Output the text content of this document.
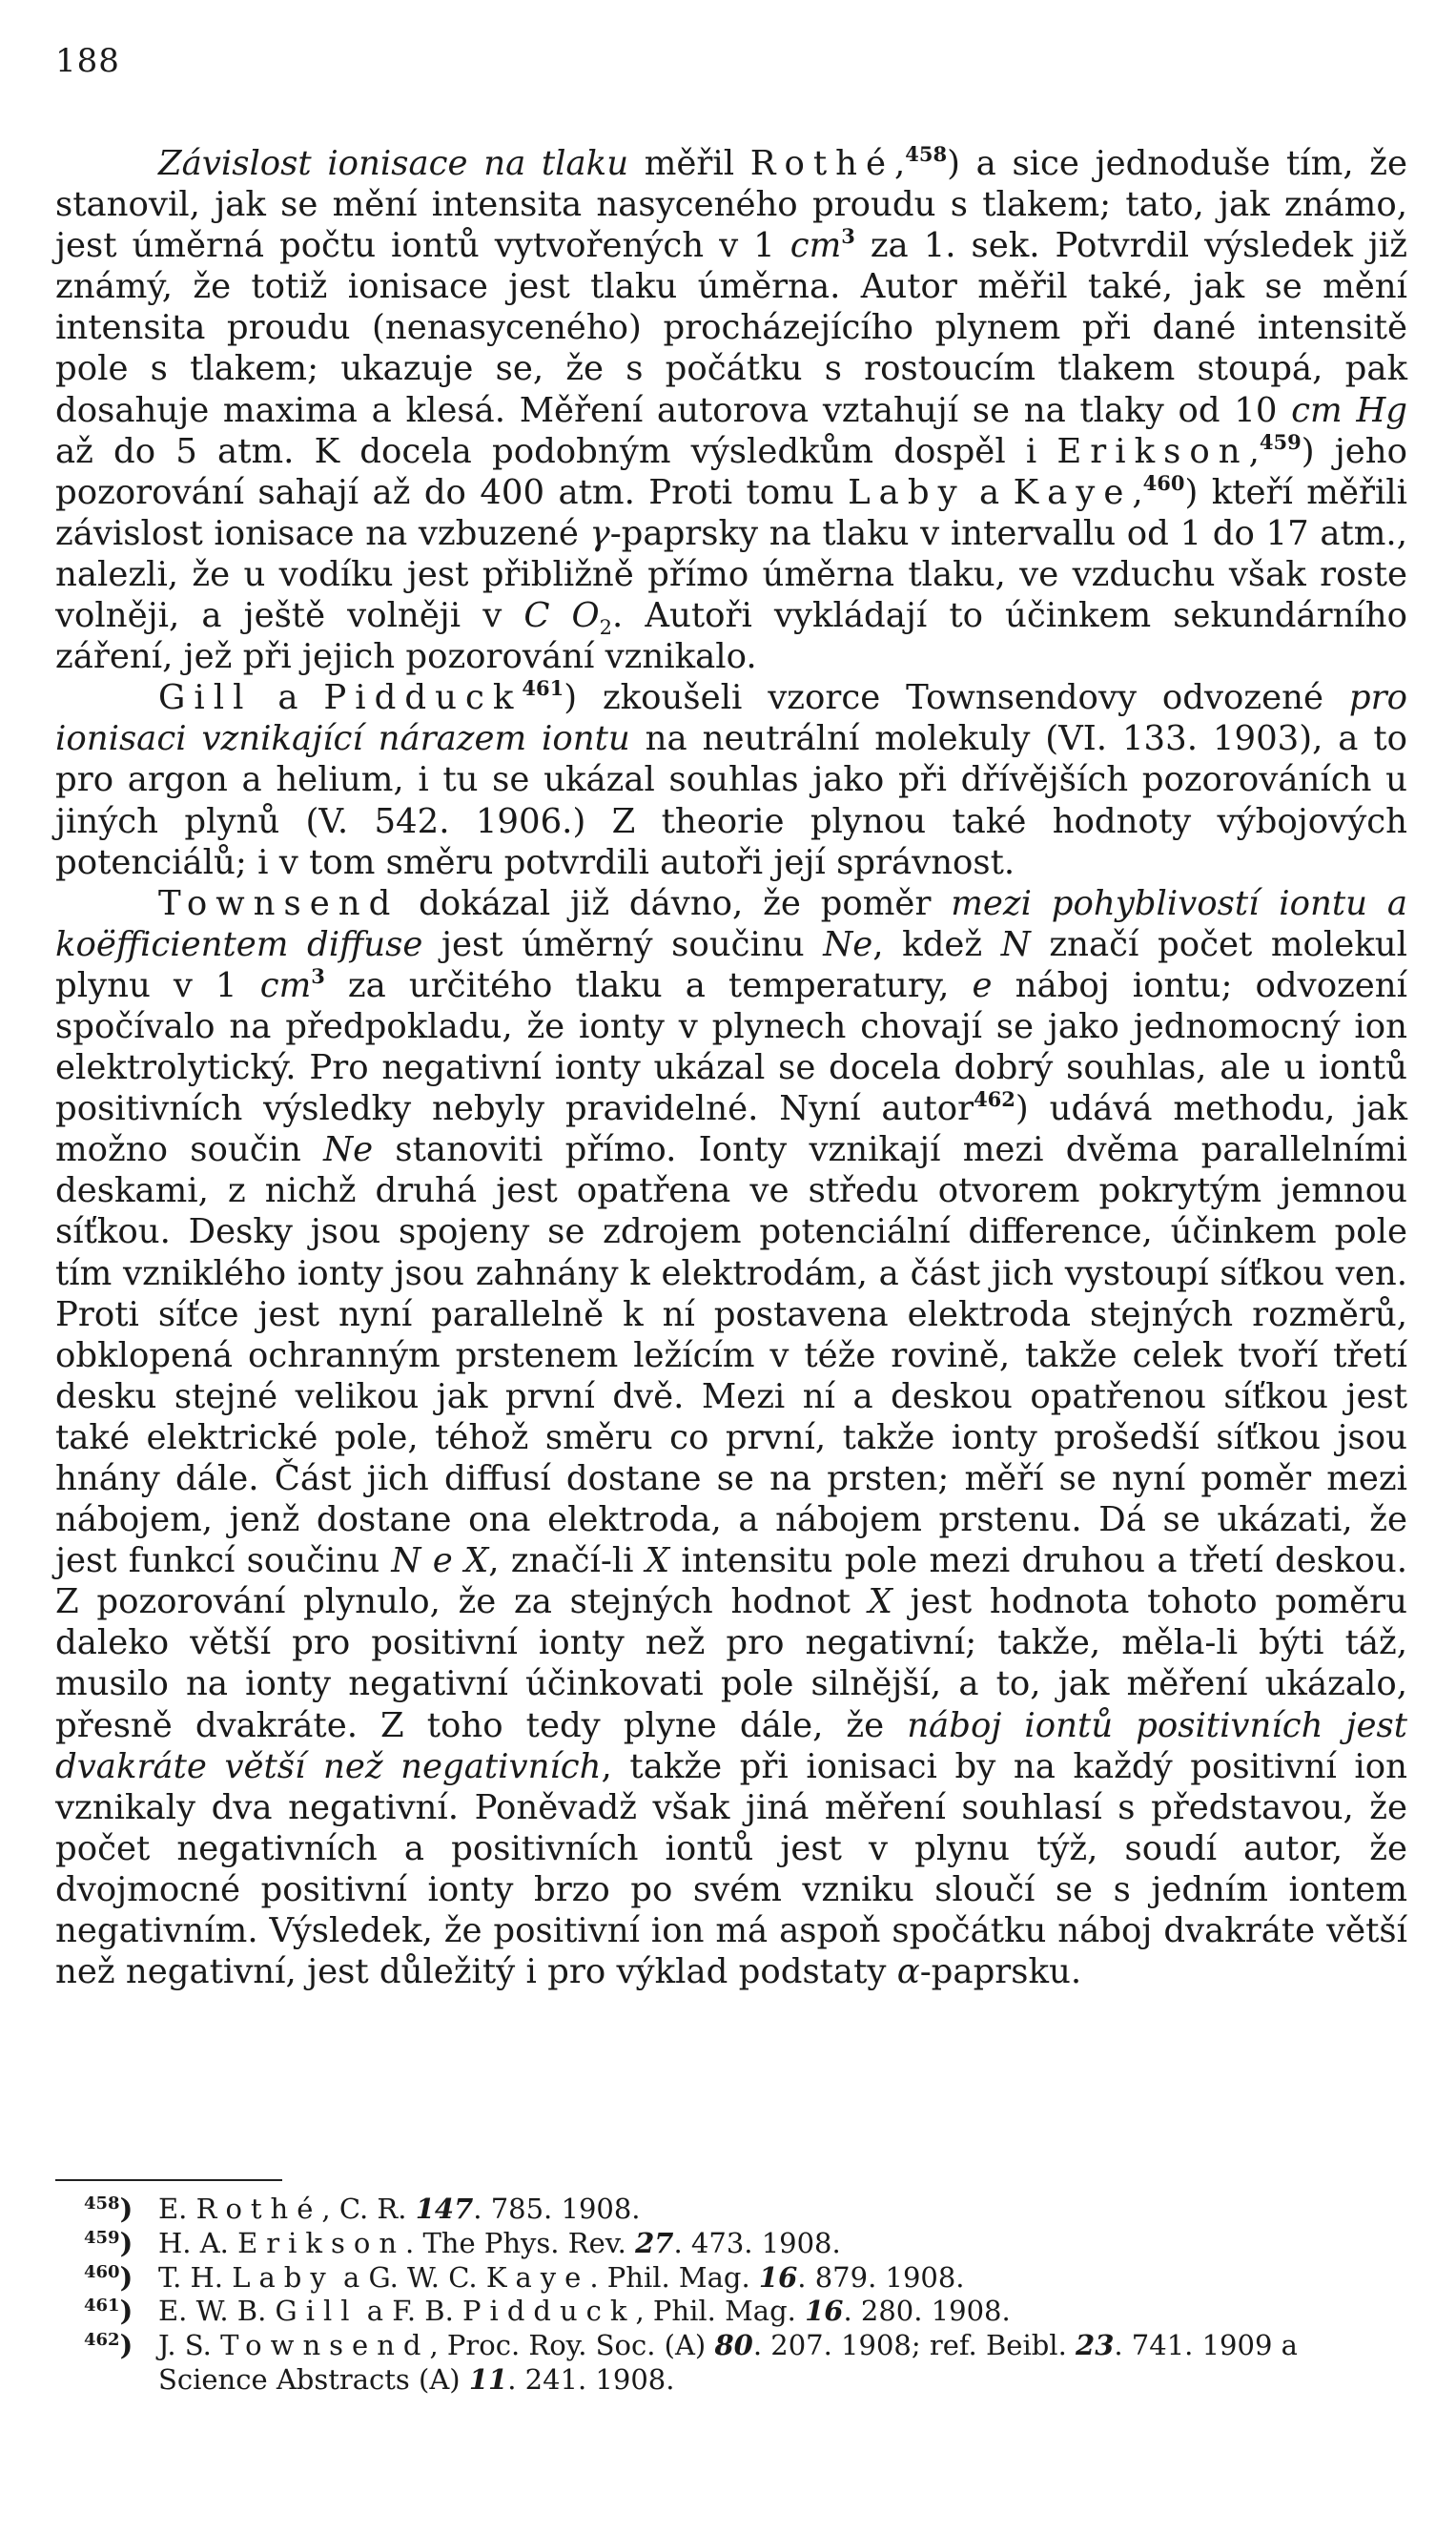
188

Závislost ionisace na tlaku měřil Rothé,$^{458}$) a sice jednoduše tím, že stanovil, jak se mění intensita nasyceného proudu s tlakem; tato, jak známo, jest úměrná počtu iontů vytvořených v 1 $cm^3$ za 1. sek. Potvrdil výsledek již známý, že totiž ionisace jest tlaku úměrna. Autor měřil také, jak se mění intensita proudu (nenasyceného) procházejícího plynem při dané intensitě pole s tlakem; ukazuje se, že s počátku s rostoucím tlakem stoupá, pak dosahuje maxima a klesá. Měření autorova vztahují se na tlaky od 10 cm Hg až do 5 atm. K docela podobným výsledkům dospěl i Erikson,$^{459}$) jeho pozorování sahají až do 400 atm. Proti tomu Laby a Kaye,$^{460}$) kteří měřili závislost ionisace na vzbuzené γ-paprsky na tlaku v intervallu od 1 do 17 atm., nalezli, že u vodíku jest přibližně přímo úměrna tlaku, ve vzduchu však roste volněji, a ještě volněji v C $O_2$. Autoři vykládají to účinkem sekundárního záření, jež při jejich pozorování vznikalo.

Gill a Pidduck$^{461}$) zkoušeli vzorce Townsendovy odvozené pro ionisaci vznikající nárazem iontu na neutrální molekuly (VI. 133. 1903), a to pro argon a helium, i tu se ukázal souhlas jako při dřívějších pozorováních u jiných plynů (V. 542. 1906.) Z theorie plynou také hodnoty výbojových potenciálů; i v tom směru potvrdili autoři její správnost.

Townsend dokázal již dávno, že poměr mezi pohyblivostí iontu a koëfficientem diffuse jest úměrný součinu Ne, kdež N značí počet molekul plynu v 1 $cm^3$ za určitého tlaku a temperatury, e náboj iontu; odvození spočívalo na předpokladu, že ionty v plynech chovají se jako jednomocný ion elektrolytický. Pro negativní ionty ukázal se docela dobrý souhlas, ale u iontů positivních výsledky nebyly pravidelné. Nyní autor$^{462}$) udává methodu, jak možno součin Ne stanoviti přímo. Ionty vznikají mezi dvěma parallelními deskami, z nichž druhá jest opatřena ve středu otvorem pokrytým jemnou síťkou. Desky jsou spojeny se zdrojem potenciální difference, účinkem pole tím vzniklého ionty jsou zahnány k elektrodám, a část jich vystoupí síťkou ven. Proti síťce jest nyní parallelně k ní postavena elektroda stejných rozměrů, obklopená ochranným prstenem ležícím v téže rovině, takže celek tvoří třetí desku stejné velikou jak první dvě. Mezi ní a deskou opatřenou síťkou jest také elektrické pole, téhož směru co první, takže ionty prošedší síťkou jsou hnány dále. Část jich diffusí dostane se na prsten; měří se nyní poměr mezi nábojem, jenž dostane ona elektroda, a nábojem prstenu. Dá se ukázati, že jest funkcí součinu N e X, značí-li X intensitu pole mezi druhou a třetí deskou. Z pozorování plynulo, že za stejných hodnot X jest hodnota tohoto poměru daleko větší pro positivní ionty než pro negativní; takže, měla-li býti táž, musilo na ionty negativní účinkovati pole silnější, a to, jak měření ukázalo, přesně dvakráte. Z toho tedy plyne dále, že náboj iontů positivních jest dvakráte větší než negativních, takže při ionisaci by na každý positivní ion vznikaly dva negativní. Poněvadž však jiná měření souhlasí s představou, že počet negativních a positivních iontů jest v plynu týž, soudí autor, že dvojmocné positivní ionty brzo po svém vzniku sloučí se s jedním iontem negativním. Výsledek, že positivní ion má aspoň spočátku náboj dvakráte větší než negativní, jest důležitý i pro výklad podstaty α-paprsku.

$^{458}$) E. Rothé, C. R. 147. 785. 1908.
$^{459}$) H. A. Erikson. The Phys. Rev. 27. 473. 1908.
$^{460}$) T. H. Laby a G. W. C. Kaye. Phil. Mag. 16. 879. 1908.
$^{461}$) E. W. B. Gill a F. B. Pidduck, Phil. Mag. 16. 280. 1908.
$^{462}$) J. S. Townsend, Proc. Roy. Soc. (A) 80. 207. 1908; ref. Beibl. 23. 741. 1909 a Science Abstracts (A) 11. 241. 1908.
